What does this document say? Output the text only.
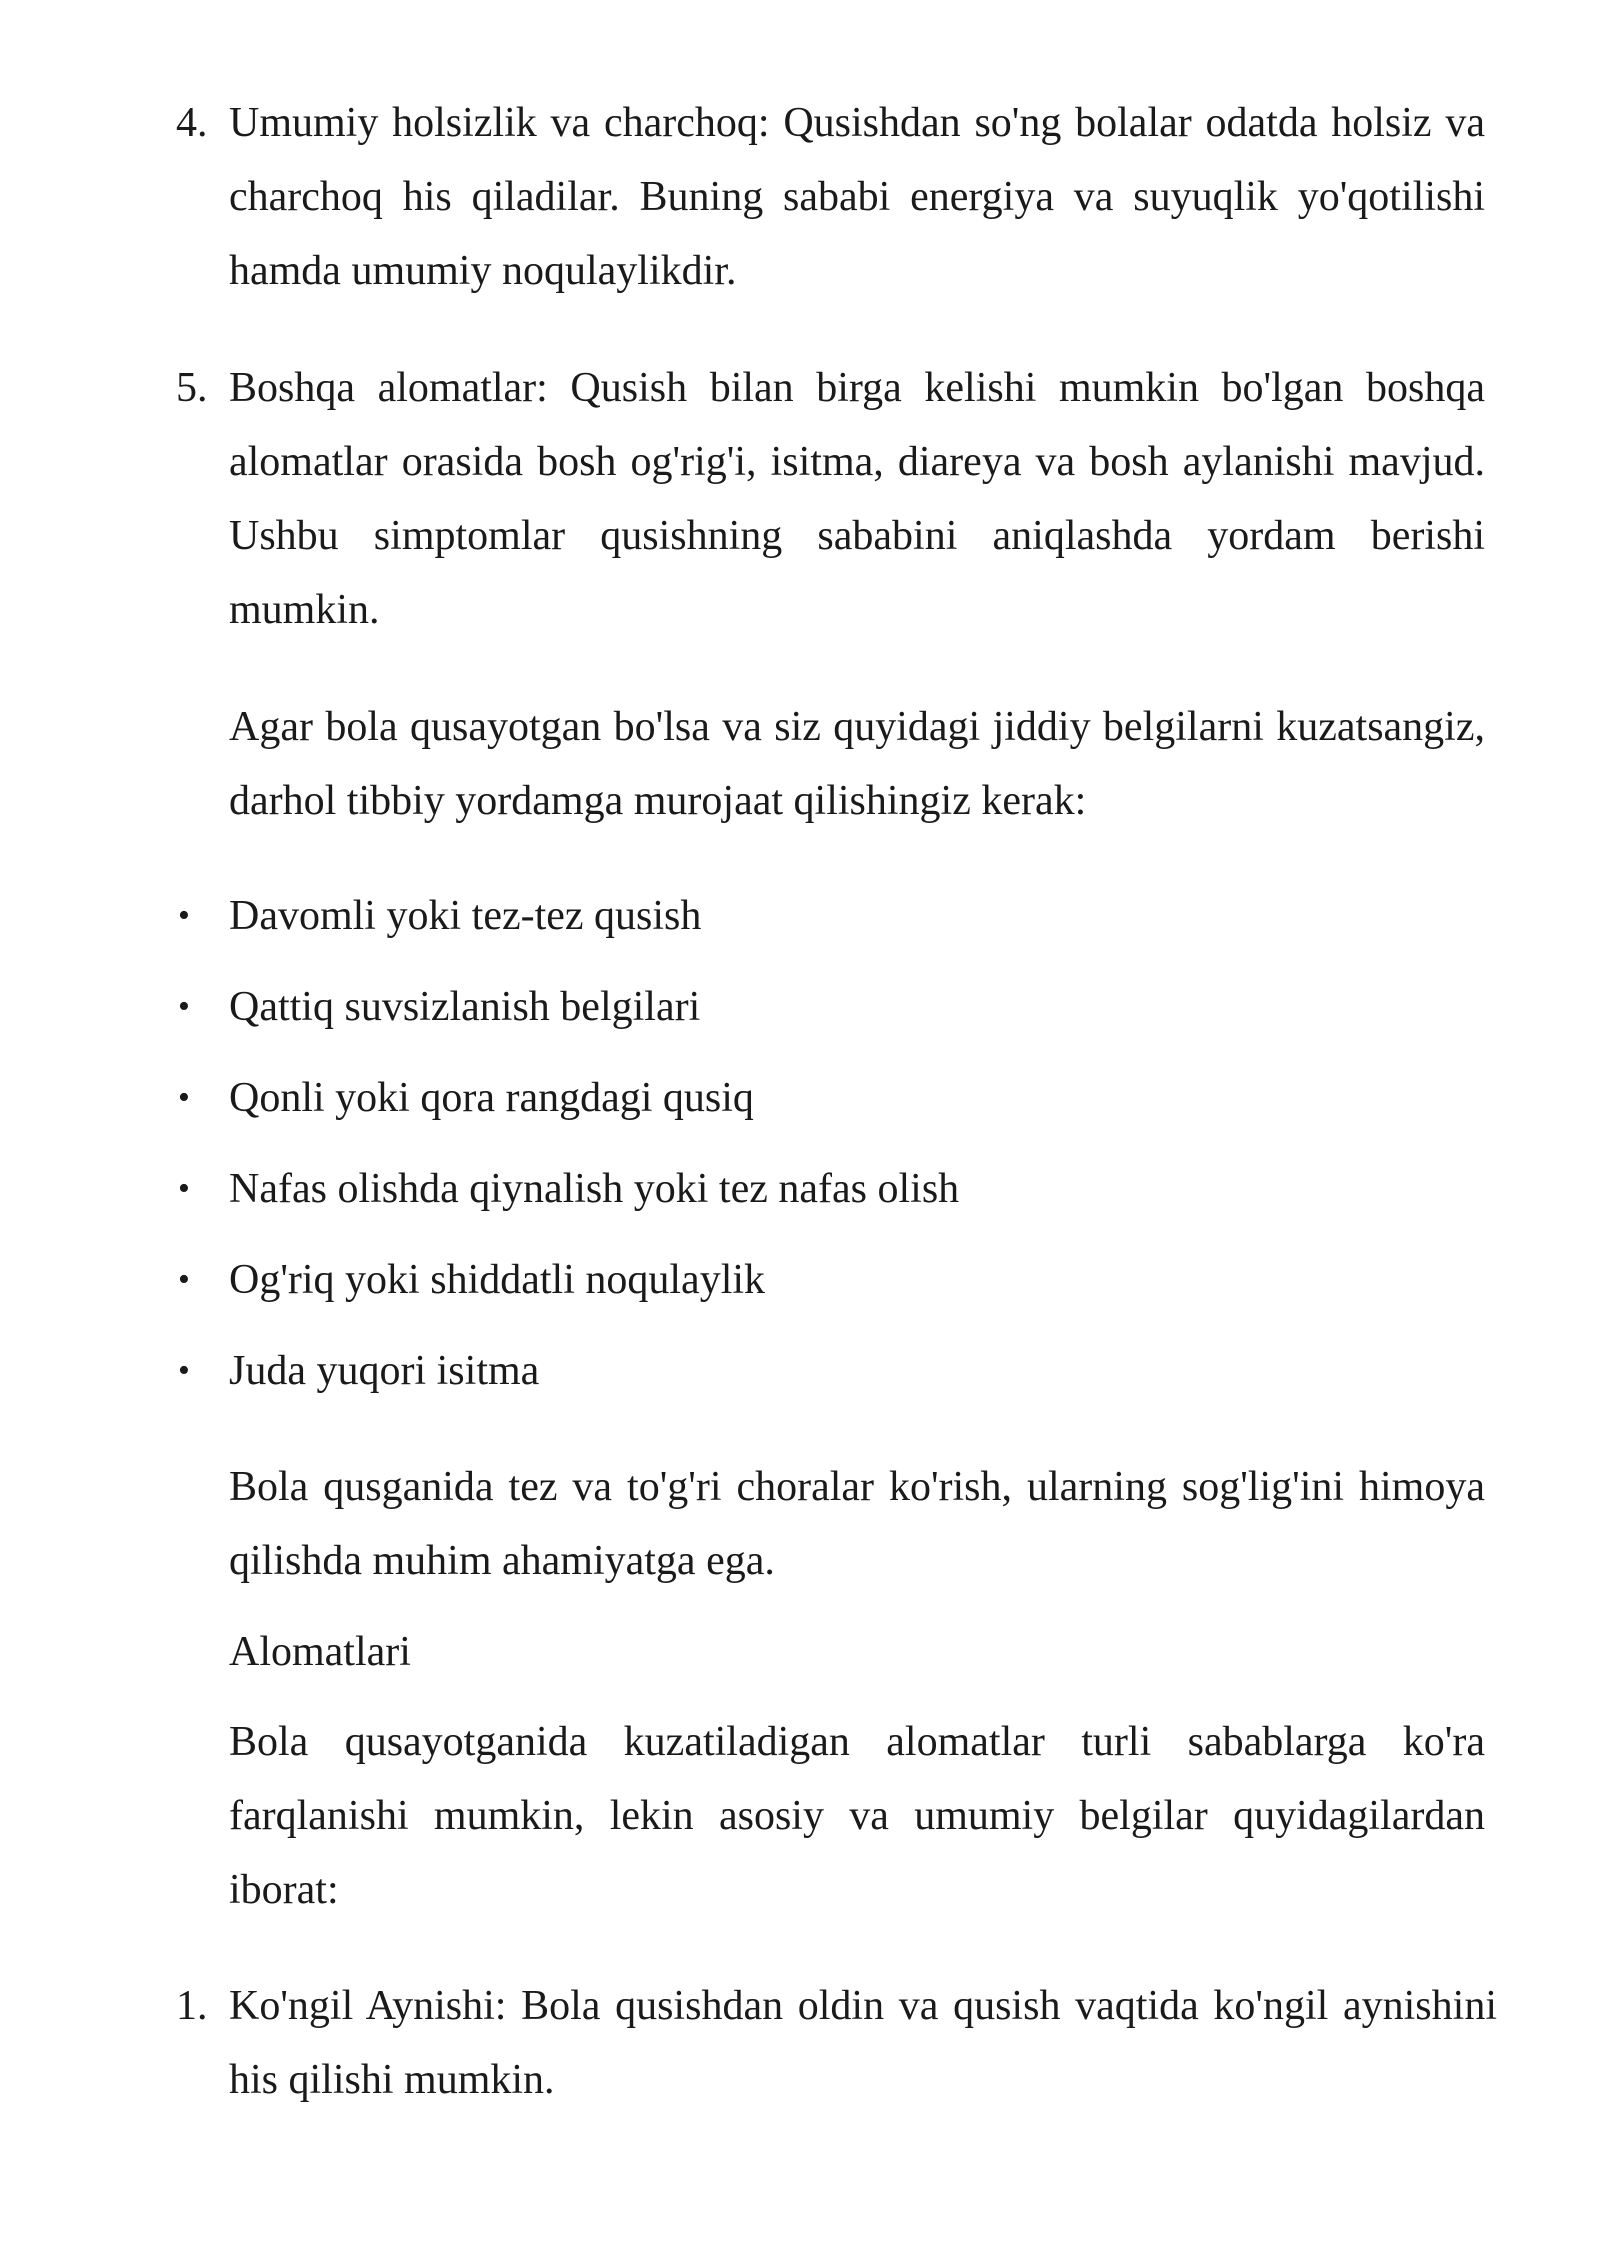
4. Umumiy holsizlik va charchoq: Qusishdan so'ng bolalar odatda holsiz va charchoq his qiladilar. Buning sababi energiya va suyuqlik yo'qotilishi hamda umumiy noqulaylikdir.
5. Boshqa alomatlar: Qusish bilan birga kelishi mumkin bo'lgan boshqa alomatlar orasida bosh og'rig'i, isitma, diareya va bosh aylanishi mavjud. Ushbu simptomlar qusishning sababini aniqlashda yordam berishi mumkin.
Agar bola qusayotgan bo'lsa va siz quyidagi jiddiy belgilarni kuzatsangiz, darhol tibbiy yordamga murojaat qilishingiz kerak:
• Davomli yoki tez-tez qusish
• Qattiq suvsizlanish belgilari
• Qonli yoki qora rangdagi qusiq
• Nafas olishda qiynalish yoki tez nafas olish
• Og'riq yoki shiddatli noqulaylik
• Juda yuqori isitma
Bola qusganida tez va to'g'ri choralar ko'rish, ularning sog'lig'ini himoya qilishda muhim ahamiyatga ega.
Alomatlari
Bola qusayotganida kuzatiladigan alomatlar turli sabablarga ko'ra farqlanishi mumkin, lekin asosiy va umumiy belgilar quyidagilardan iborat:
1. Ko'ngil Aynishi: Bola qusishdan oldin va qusish vaqtida ko'ngil aynishini his qilishi mumkin.
